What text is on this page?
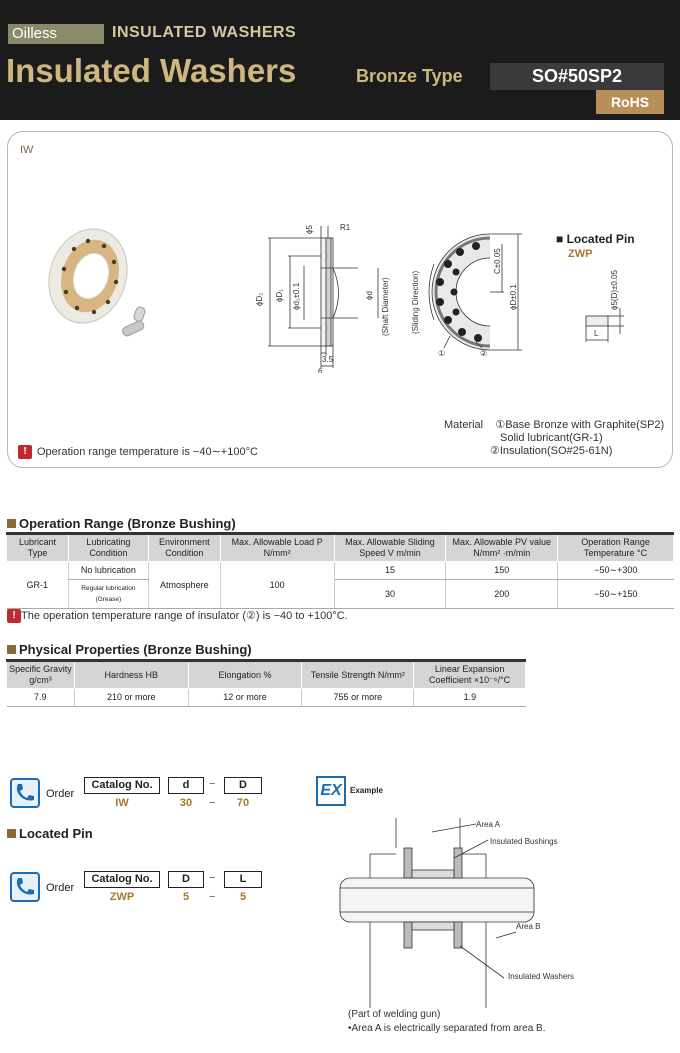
Oilless	INSULATED WASHERS
Insulated Washers	Bronze Type	SO#50SP2
RoHS
IW
ϕ5	R1
ϕD₂ ϕD₁ ϕd₁±0.1	ϕd (Shaft Diameter)
3.5
6
C±0.05
ϕD±0.1
(Sliding Direction)
①	②
■ Located Pin
ZWP
ϕ5(D)±0.05
L
Material ①Base Bronze with Graphite(SP2)
Solid lubricant(GR-1)
②Insulation(SO#25-61N)
! Operation range temperature is −40∼+100°C
Operation Range (Bronze Bushing)
Lubricant Type	Lubricating Condition	Environment Condition	Max. Allowable Load P N/mm²	Max. Allowable Sliding Speed V m/min	Max. Allowable PV value N/mm² ·m/min	Operation Range Temperature °C
GR-1	No lubrication	Atmosphere	100	15	150	−50∼+300
	Regular lubrication (Grease)			30	200	−50∼+150
! The operation temperature range of insulator (②) is −40 to +100°C.
Physical Properties (Bronze Bushing)
Specific Gravity g/cm³	Hardness HB	Elongation %	Tensile Strength N/mm²	Linear Expansion Coefficient ×10⁻⁶/°C
7.9	210 or more	12 or more	755 or more	1.9
Order
Catalog No.	d	D
−
IW	30	−	70
EX	Example
Located Pin
Order
Catalog No.	D	−	L
ZWP	5	−	5
Area A
Insulated Bushings
Area B
Insulated Washers
(Part of welding gun)
•Area A is electrically separated from area B.
